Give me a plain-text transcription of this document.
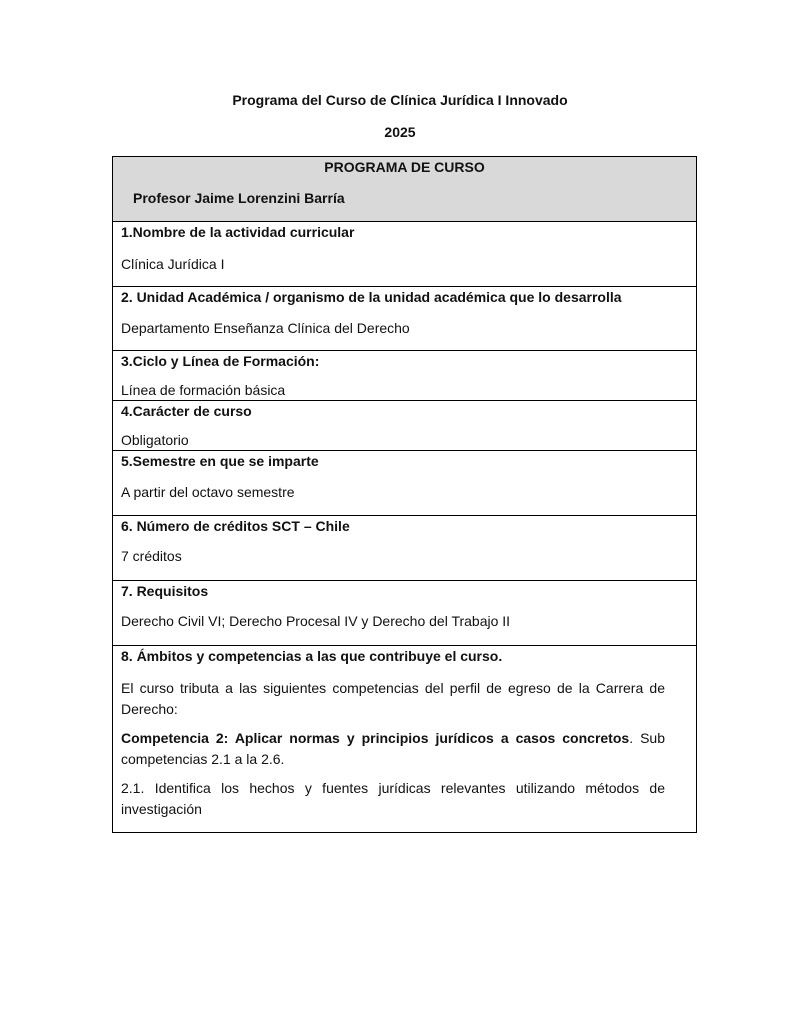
Programa del Curso de Clínica Jurídica I Innovado
2025
PROGRAMA DE CURSO
Profesor Jaime Lorenzini Barría
1.Nombre de la actividad curricular
Clínica Jurídica I
2. Unidad Académica / organismo de la unidad académica que lo desarrolla
Departamento Enseñanza Clínica del Derecho
3.Ciclo y Línea de Formación:
Línea de formación básica
4.Carácter de curso
Obligatorio
5.Semestre en que se imparte
A partir del octavo semestre
6. Número de créditos SCT – Chile
7 créditos
7. Requisitos
Derecho Civil VI; Derecho Procesal IV y Derecho del Trabajo II
8. Ámbitos y competencias a las que contribuye el curso.
El curso tributa a las siguientes competencias del perfil de egreso de la Carrera de Derecho:
Competencia 2: Aplicar normas y principios jurídicos a casos concretos. Sub competencias 2.1 a la 2.6.
2.1. Identifica los hechos y fuentes jurídicas relevantes utilizando métodos de investigación
